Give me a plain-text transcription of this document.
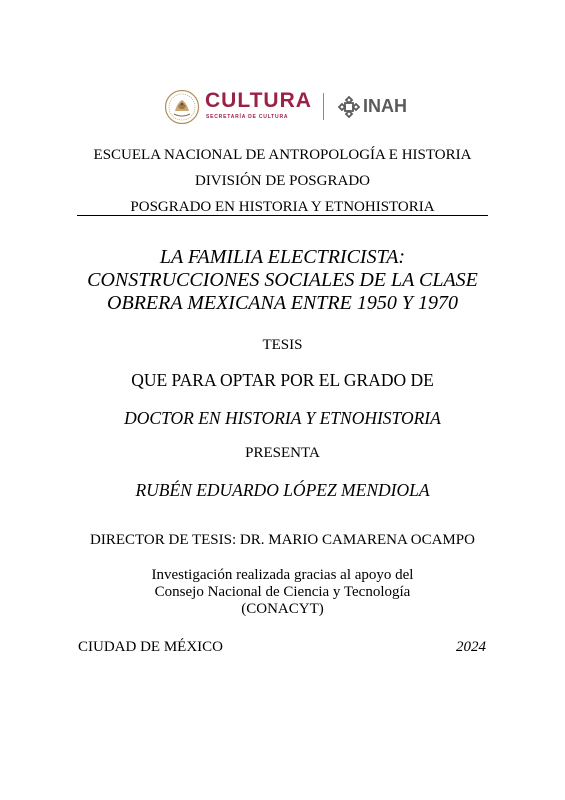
CULTURA
SECRETARÍA DE CULTURA
INAH
ESCUELA NACIONAL DE ANTROPOLOGÍA E HISTORIA
DIVISIÓN DE POSGRADO
POSGRADO EN HISTORIA Y ETNOHISTORIA
LA FAMILIA ELECTRICISTA:
CONSTRUCCIONES SOCIALES DE LA CLASE
OBRERA MEXICANA ENTRE 1950 Y 1970
TESIS
QUE PARA OPTAR POR EL GRADO DE
DOCTOR EN HISTORIA Y ETNOHISTORIA
PRESENTA
RUBÉN EDUARDO LÓPEZ MENDIOLA
DIRECTOR DE TESIS: DR. MARIO CAMARENA OCAMPO
Investigación realizada gracias al apoyo del
Consejo Nacional de Ciencia y Tecnología
(CONACYT)
CIUDAD DE MÉXICO	2024
